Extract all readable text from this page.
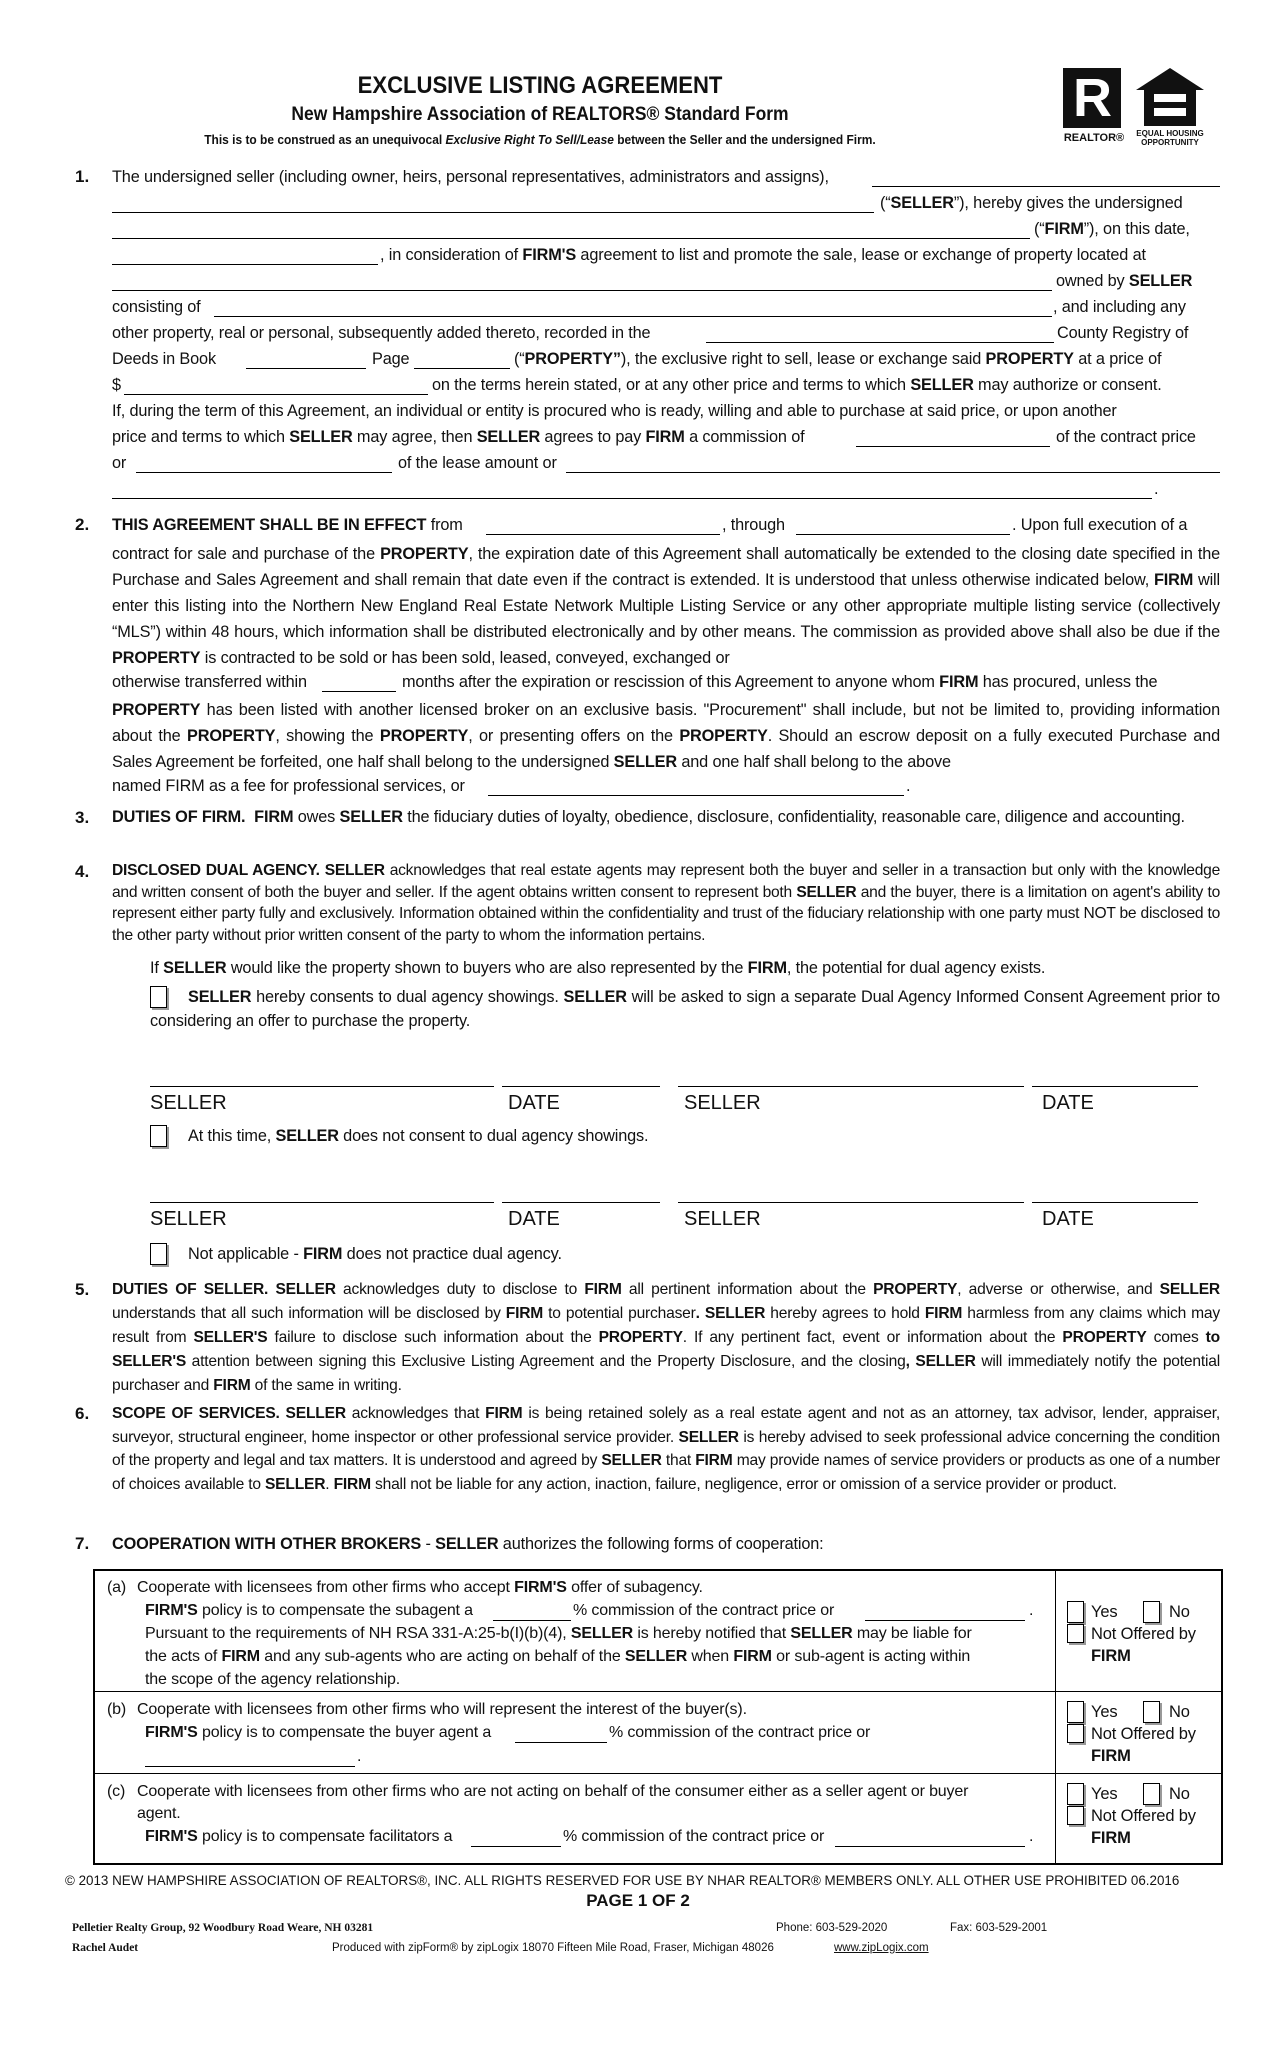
EXCLUSIVE LISTING AGREEMENT
New Hampshire Association of REALTORS® Standard Form
This is to be construed as an unequivocal Exclusive Right To Sell/Lease between the Seller and the undersigned Firm.
R
REALTOR®	EQUAL HOUSING OPPORTUNITY
1. The undersigned seller (including owner, heirs, personal representatives, administrators and assigns),
(“SELLER”), hereby gives the undersigned
(“FIRM”), on this date,
, in consideration of FIRM'S agreement to list and promote the sale, lease or exchange of property located at
owned by SELLER
consisting of	, and including any
other property, real or personal, subsequently added thereto, recorded in the	County Registry of
Deeds in Book	Page	(“PROPERTY”), the exclusive right to sell, lease or exchange said PROPERTY at a price of
$	on the terms herein stated, or at any other price and terms to which SELLER may authorize or consent.
If, during the term of this Agreement, an individual or entity is procured who is ready, willing and able to purchase at said price, or upon another
price and terms to which SELLER may agree, then SELLER agrees to pay FIRM a commission of	of the contract price
or	of the lease amount or
.
2. THIS AGREEMENT SHALL BE IN EFFECT from	, through	. Upon full execution of a
contract for sale and purchase of the PROPERTY, the expiration date of this Agreement shall automatically be extended to the closing date specified in the Purchase and Sales Agreement and shall remain that date even if the contract is extended. It is understood that unless otherwise indicated below, FIRM will enter this listing into the Northern New England Real Estate Network Multiple Listing Service or any other appropriate multiple listing service (collectively “MLS”) within 48 hours, which information shall be distributed electronically and by other means. The commission as provided above shall also be due if the PROPERTY is contracted to be sold or has been sold, leased, conveyed, exchanged or
otherwise transferred within	months after the expiration or rescission of this Agreement to anyone whom FIRM has procured, unless the
PROPERTY has been listed with another licensed broker on an exclusive basis. "Procurement" shall include, but not be limited to, providing information about the PROPERTY, showing the PROPERTY, or presenting offers on the PROPERTY. Should an escrow deposit on a fully executed Purchase and Sales Agreement be forfeited, one half shall belong to the undersigned SELLER and one half shall belong to the above
named FIRM as a fee for professional services, or	.
3. DUTIES OF FIRM. FIRM owes SELLER the fiduciary duties of loyalty, obedience, disclosure, confidentiality, reasonable care, diligence and accounting.
4. DISCLOSED DUAL AGENCY. SELLER acknowledges that real estate agents may represent both the buyer and seller in a transaction but only with the knowledge and written consent of both the buyer and seller. If the agent obtains written consent to represent both SELLER and the buyer, there is a limitation on agent's ability to represent either party fully and exclusively. Information obtained within the confidentiality and trust of the fiduciary relationship with one party must NOT be disclosed to the other party without prior written consent of the party to whom the information pertains.
If SELLER would like the property shown to buyers who are also represented by the FIRM, the potential for dual agency exists.
SELLER hereby consents to dual agency showings. SELLER will be asked to sign a separate Dual Agency Informed Consent Agreement prior to considering an offer to purchase the property.
SELLER	DATE	SELLER	DATE
At this time, SELLER does not consent to dual agency showings.
SELLER	DATE	SELLER	DATE
Not applicable - FIRM does not practice dual agency.
5. DUTIES OF SELLER. SELLER acknowledges duty to disclose to FIRM all pertinent information about the PROPERTY, adverse or otherwise, and SELLER understands that all such information will be disclosed by FIRM to potential purchaser. SELLER hereby agrees to hold FIRM harmless from any claims which may result from SELLER'S failure to disclose such information about the PROPERTY. If any pertinent fact, event or information about the PROPERTY comes to SELLER'S attention between signing this Exclusive Listing Agreement and the Property Disclosure, and the closing, SELLER will immediately notify the potential purchaser and FIRM of the same in writing.
6. SCOPE OF SERVICES. SELLER acknowledges that FIRM is being retained solely as a real estate agent and not as an attorney, tax advisor, lender, appraiser, surveyor, structural engineer, home inspector or other professional service provider. SELLER is hereby advised to seek professional advice concerning the condition of the property and legal and tax matters. It is understood and agreed by SELLER that FIRM may provide names of service providers or products as one of a number of choices available to SELLER. FIRM shall not be liable for any action, inaction, failure, negligence, error or omission of a service provider or product.
7. COOPERATION WITH OTHER BROKERS - SELLER authorizes the following forms of cooperation:
(a) Cooperate with licensees from other firms who accept FIRM'S offer of subagency.
FIRM'S policy is to compensate the subagent a	% commission of the contract price or	.
Pursuant to the requirements of NH RSA 331-A:25-b(I)(b)(4), SELLER is hereby notified that SELLER may be liable for
the acts of FIRM and any sub-agents who are acting on behalf of the SELLER when FIRM or sub-agent is acting within
the scope of the agency relationship.
Yes	No
Not Offered by
FIRM
(b) Cooperate with licensees from other firms who will represent the interest of the buyer(s).
FIRM'S policy is to compensate the buyer agent a	% commission of the contract price or
.
Yes	No
Not Offered by
FIRM
(c) Cooperate with licensees from other firms who are not acting on behalf of the consumer either as a seller agent or buyer
agent.
FIRM'S policy is to compensate facilitators a	% commission of the contract price or	.
Yes	No
Not Offered by
FIRM
© 2013 NEW HAMPSHIRE ASSOCIATION OF REALTORS®, INC. ALL RIGHTS RESERVED FOR USE BY NHAR REALTOR® MEMBERS ONLY. ALL OTHER USE PROHIBITED 06.2016
PAGE 1 OF 2
Pelletier Realty Group, 92 Woodbury Road Weare, NH 03281	Phone: 603-529-2020	Fax: 603-529-2001
Rachel Audet	Produced with zipForm® by zipLogix 18070 Fifteen Mile Road, Fraser, Michigan 48026	www.zipLogix.com
